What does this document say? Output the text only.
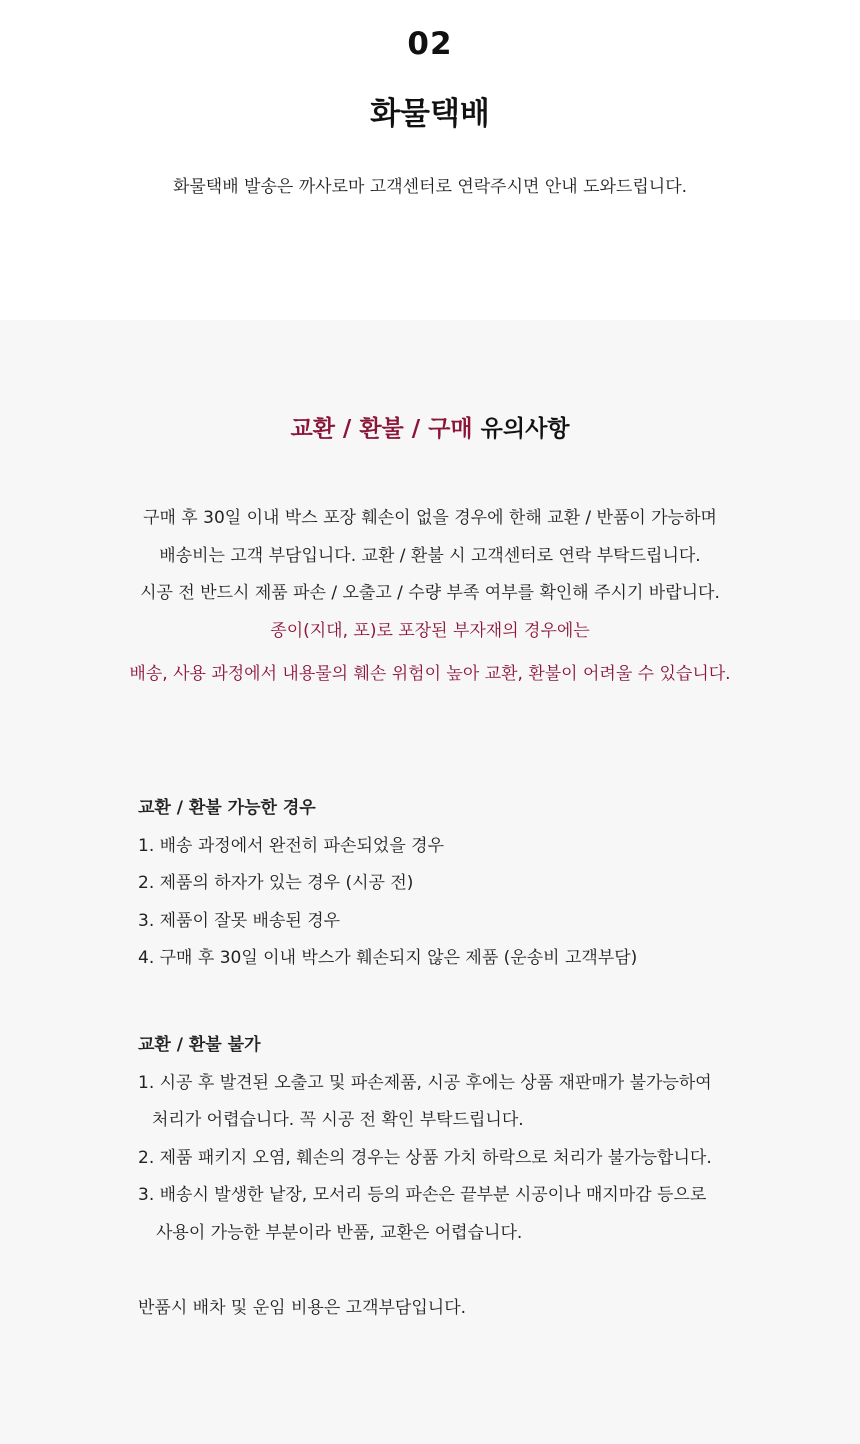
02
화물택배
화물택배 발송은 까사로마 고객센터로 연락주시면 안내 도와드립니다.
교환 / 환불 / 구매 유의사항
구매 후 30일 이내 박스 포장 훼손이 없을 경우에 한해 교환 / 반품이 가능하며
배송비는 고객 부담입니다. 교환 / 환불 시 고객센터로 연락 부탁드립니다.
시공 전 반드시 제품 파손 / 오출고 / 수량 부족 여부를 확인해 주시기 바랍니다.
종이(지대, 포)로 포장된 부자재의 경우에는
배송, 사용 과정에서 내용물의 훼손 위험이 높아 교환, 환불이 어려울 수 있습니다.
교환 / 환불 가능한 경우
1. 배송 과정에서 완전히 파손되었을 경우
2. 제품의 하자가 있는 경우 (시공 전)
3. 제품이 잘못 배송된 경우
4. 구매 후 30일 이내 박스가 훼손되지 않은 제품 (운송비 고객부담)
교환 / 환불 불가
1. 시공 후 발견된 오출고 및 파손제품, 시공 후에는 상품 재판매가 불가능하여
처리가 어렵습니다. 꼭 시공 전 확인 부탁드립니다.
2. 제품 패키지 오염, 훼손의 경우는 상품 가치 하락으로 처리가 불가능합니다.
3. 배송시 발생한 낱장, 모서리 등의 파손은 끝부분 시공이나 매지마감 등으로
사용이 가능한 부분이라 반품, 교환은 어렵습니다.
반품시 배차 및 운임 비용은 고객부담입니다.
